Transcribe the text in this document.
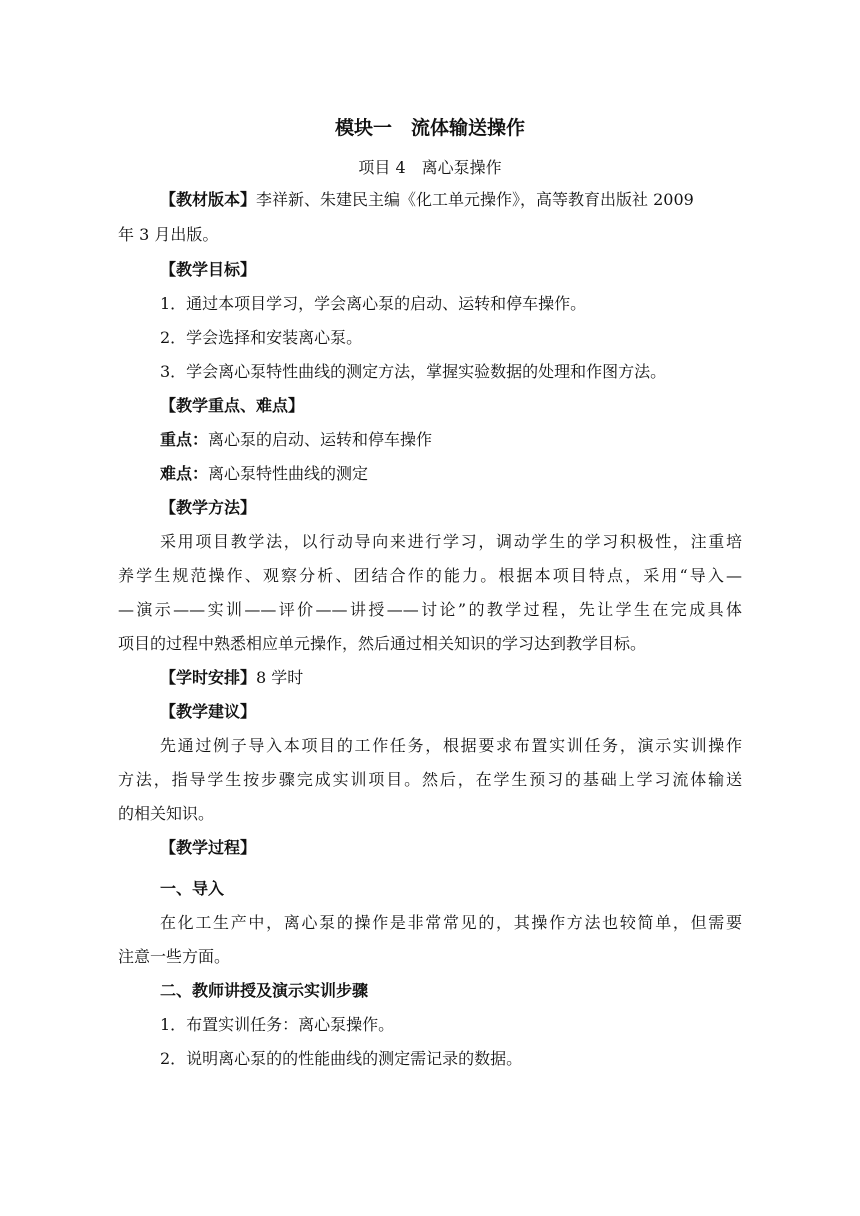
模块一　流体输送操作
项目 4　离心泵操作
【教材版本】李祥新、朱建民主编《化工单元操作》，高等教育出版社 2009
年 3 月出版。
【教学目标】
1．通过本项目学习，学会离心泵的启动、运转和停车操作。
2．学会选择和安装离心泵。
3．学会离心泵特性曲线的测定方法，掌握实验数据的处理和作图方法。
【教学重点、难点】
重点：离心泵的启动、运转和停车操作
难点：离心泵特性曲线的测定
【教学方法】
采用项目教学法，以行动导向来进行学习，调动学生的学习积极性，注重培
养学生规范操作、观察分析、团结合作的能力。根据本项目特点，采用“导入—
—演示——实训——评价——讲授——讨论”的教学过程，先让学生在完成具体
项目的过程中熟悉相应单元操作，然后通过相关知识的学习达到教学目标。
【学时安排】8 学时
【教学建议】
先通过例子导入本项目的工作任务，根据要求布置实训任务，演示实训操作
方法，指导学生按步骤完成实训项目。然后，在学生预习的基础上学习流体输送
的相关知识。
【教学过程】
一、导入
在化工生产中，离心泵的操作是非常常见的，其操作方法也较简单，但需要
注意一些方面。
二、教师讲授及演示实训步骤
1．布置实训任务：离心泵操作。
2．说明离心泵的的性能曲线的测定需记录的数据。
